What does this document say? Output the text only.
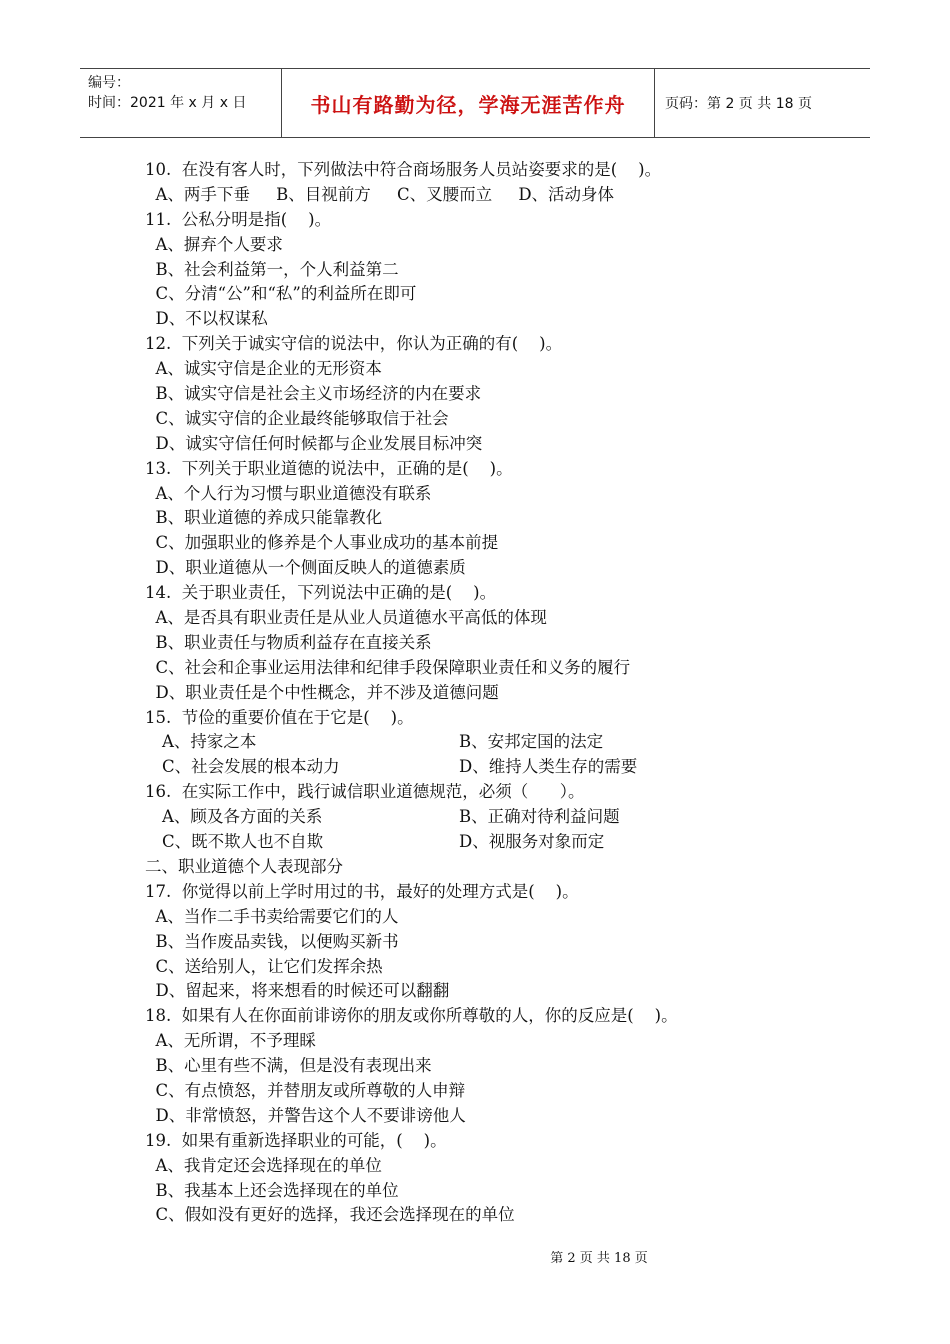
编号：
时间：2021 年 x 月 x 日	书山有路勤为径，学海无涯苦作舟	页码：第 2 页 共 18 页
10.  在没有客人时，下列做法中符合商场服务人员站姿要求的是(    )。
A、两手下垂     B、目视前方     C、叉腰而立     D、活动身体
11.  公私分明是指(    )。
A、摒弃个人要求
B、社会利益第一，个人利益第二
C、分清“公”和“私”的利益所在即可
D、不以权谋私
12.  下列关于诚实守信的说法中，你认为正确的有(    )。
A、诚实守信是企业的无形资本
B、诚实守信是社会主义市场经济的内在要求
C、诚实守信的企业最终能够取信于社会
D、诚实守信任何时候都与企业发展目标冲突
13.  下列关于职业道德的说法中，正确的是(    )。
A、个人行为习惯与职业道德没有联系
B、职业道德的养成只能靠教化
C、加强职业的修养是个人事业成功的基本前提
D、职业道德从一个侧面反映人的道德素质
14.  关于职业责任，下列说法中正确的是(    )。
A、是否具有职业责任是从业人员道德水平高低的体现
B、职业责任与物质利益存在直接关系
C、社会和企事业运用法律和纪律手段保障职业责任和义务的履行
D、职业责任是个中性概念，并不涉及道德问题
15.  节俭的重要价值在于它是(    )。
A、持家之本	B、安邦定国的法定
C、社会发展的根本动力	D、维持人类生存的需要
16.  在实际工作中，践行诚信职业道德规范，必须（      ）。
A、顾及各方面的关系	B、正确对待利益问题
C、既不欺人也不自欺	D、视服务对象而定
二、职业道德个人表现部分
17.  你觉得以前上学时用过的书，最好的处理方式是(    )。
A、当作二手书卖给需要它们的人
B、当作废品卖钱，以便购买新书
C、送给别人，让它们发挥余热
D、留起来，将来想看的时候还可以翻翻
18.  如果有人在你面前诽谤你的朋友或你所尊敬的人，你的反应是(    )。
A、无所谓，不予理睬
B、心里有些不满，但是没有表现出来
C、有点愤怒，并替朋友或所尊敬的人申辩
D、非常愤怒，并警告这个人不要诽谤他人
19.  如果有重新选择职业的可能，(    )。
A、我肯定还会选择现在的单位
B、我基本上还会选择现在的单位
C、假如没有更好的选择，我还会选择现在的单位
第 2 页 共 18 页
